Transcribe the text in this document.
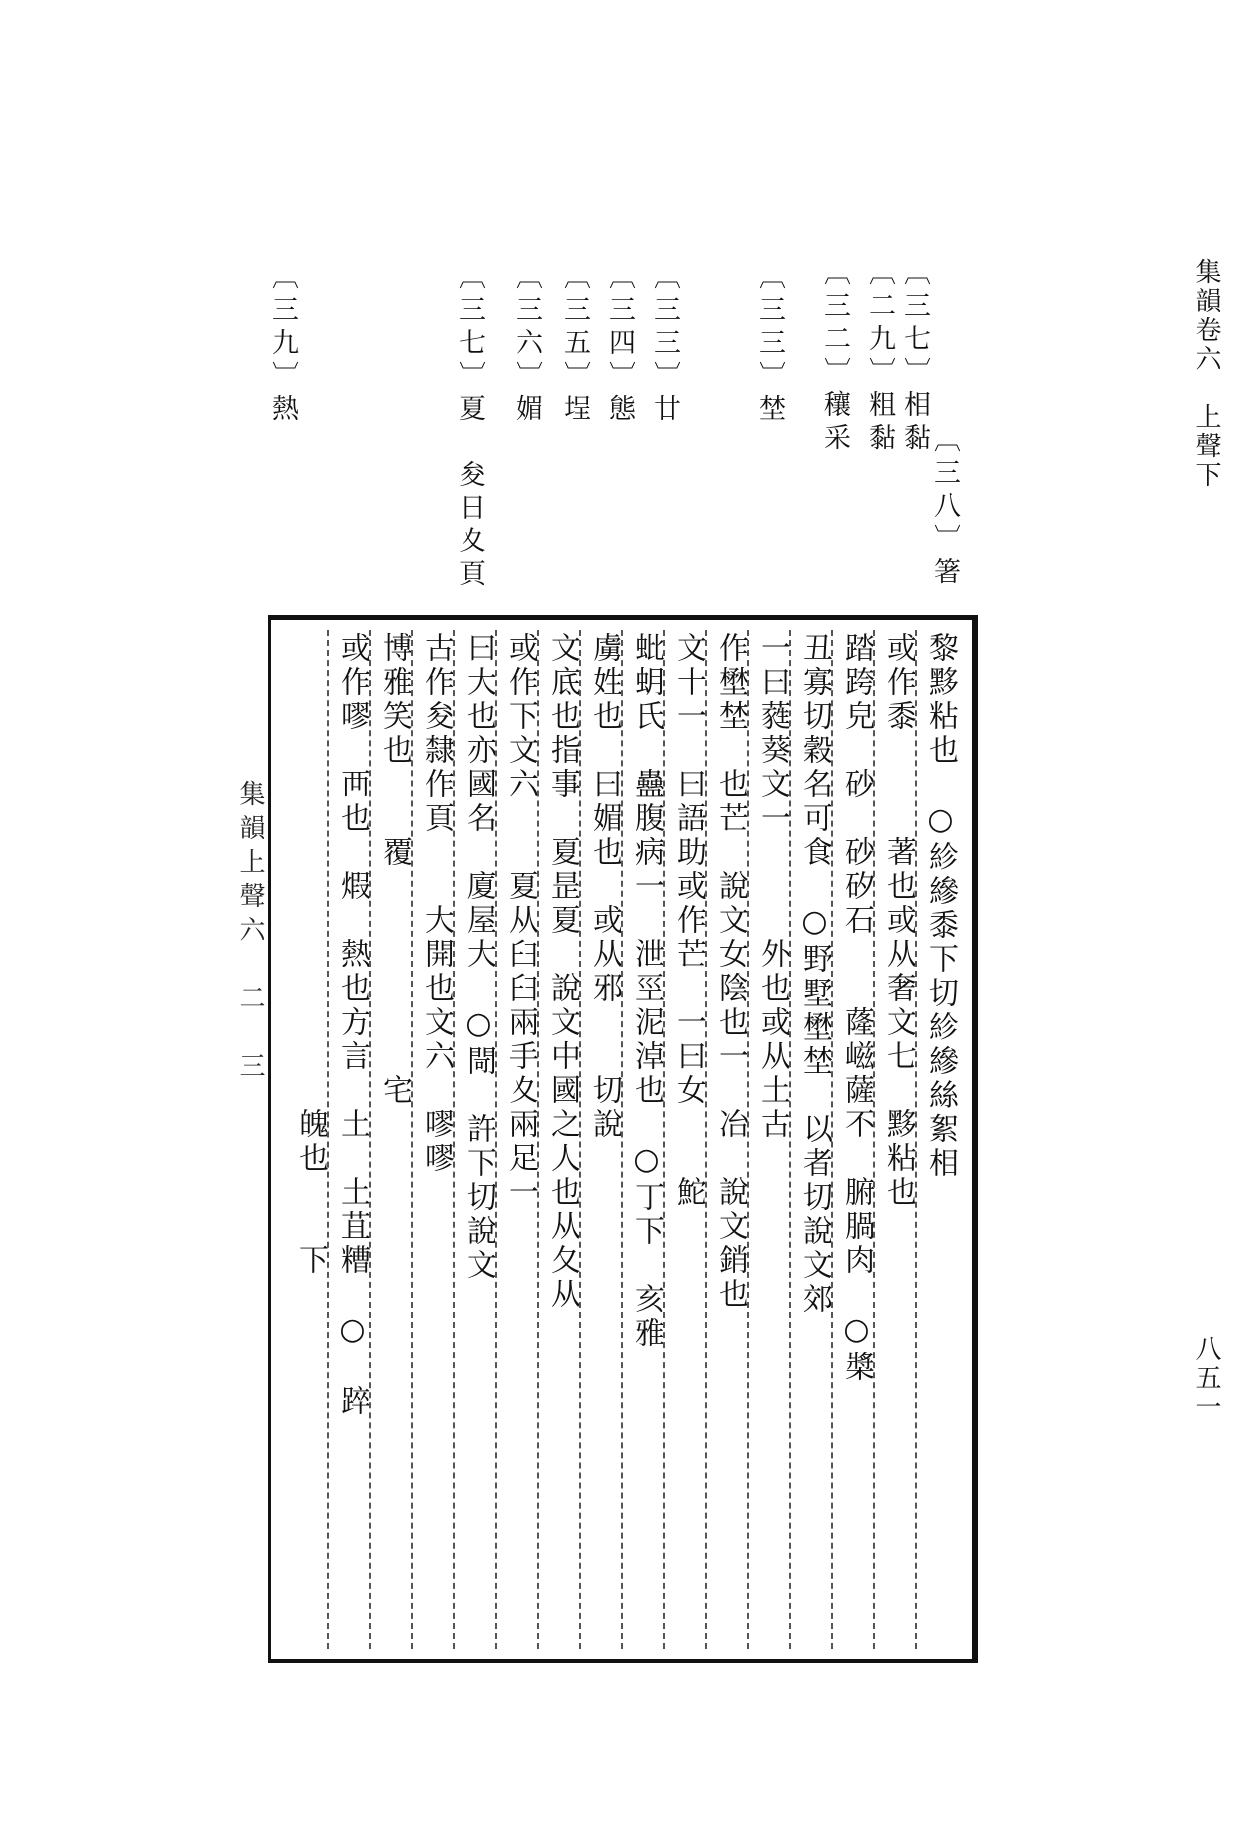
集韻卷六　上聲下
八五一
〔三七〕相黏
〔二九〕粗黏
〔三八〕箸
〔三二〕穰采
〔三三〕埜
〔三三〕廿
〔三四〕態
〔三五〕埕
〔三六〕媚
〔三七〕夏　夋日夊頁
〔三九〕熱
黎黟粘也　○紾縿黍下切紾縿絲絮相
或作黍　　　著也或从奢文七　黟粘也
踏跨皃　砂　砂矽石　　蕯嵫薩不　腑腡肉　○槳
丑寡切穀名可食　○野墅壄埜　以者切說文郊
一曰蕤葵文一　　　外也或从土古
作壄埜　也芒　說文女陰也一　冶　說文銷也
文十一　曰語助或作芒　一曰女　　鮀
蚍蚏氏　蠱腹病一　泄巠泥淖也　○丁下　亥雅
虜姓也　曰媚也　或从邪　　切說
文底也指事　夏昰夏　說文中國之人也从夂从
或作下文六　　夏从臼臼兩手夊兩足一
曰大也亦國名　廈屋大　○閜　許下切說文
古作夋隸作頁　　大開也文六　嘐嘐
博雅笑也　　覆　　　　　　宅
或作嘐　襾也　煆　熱也方言　土　土苴糟　○　踤
　　　　　　　　　　　　　　魄也　　下
集韻上聲六　二　三
